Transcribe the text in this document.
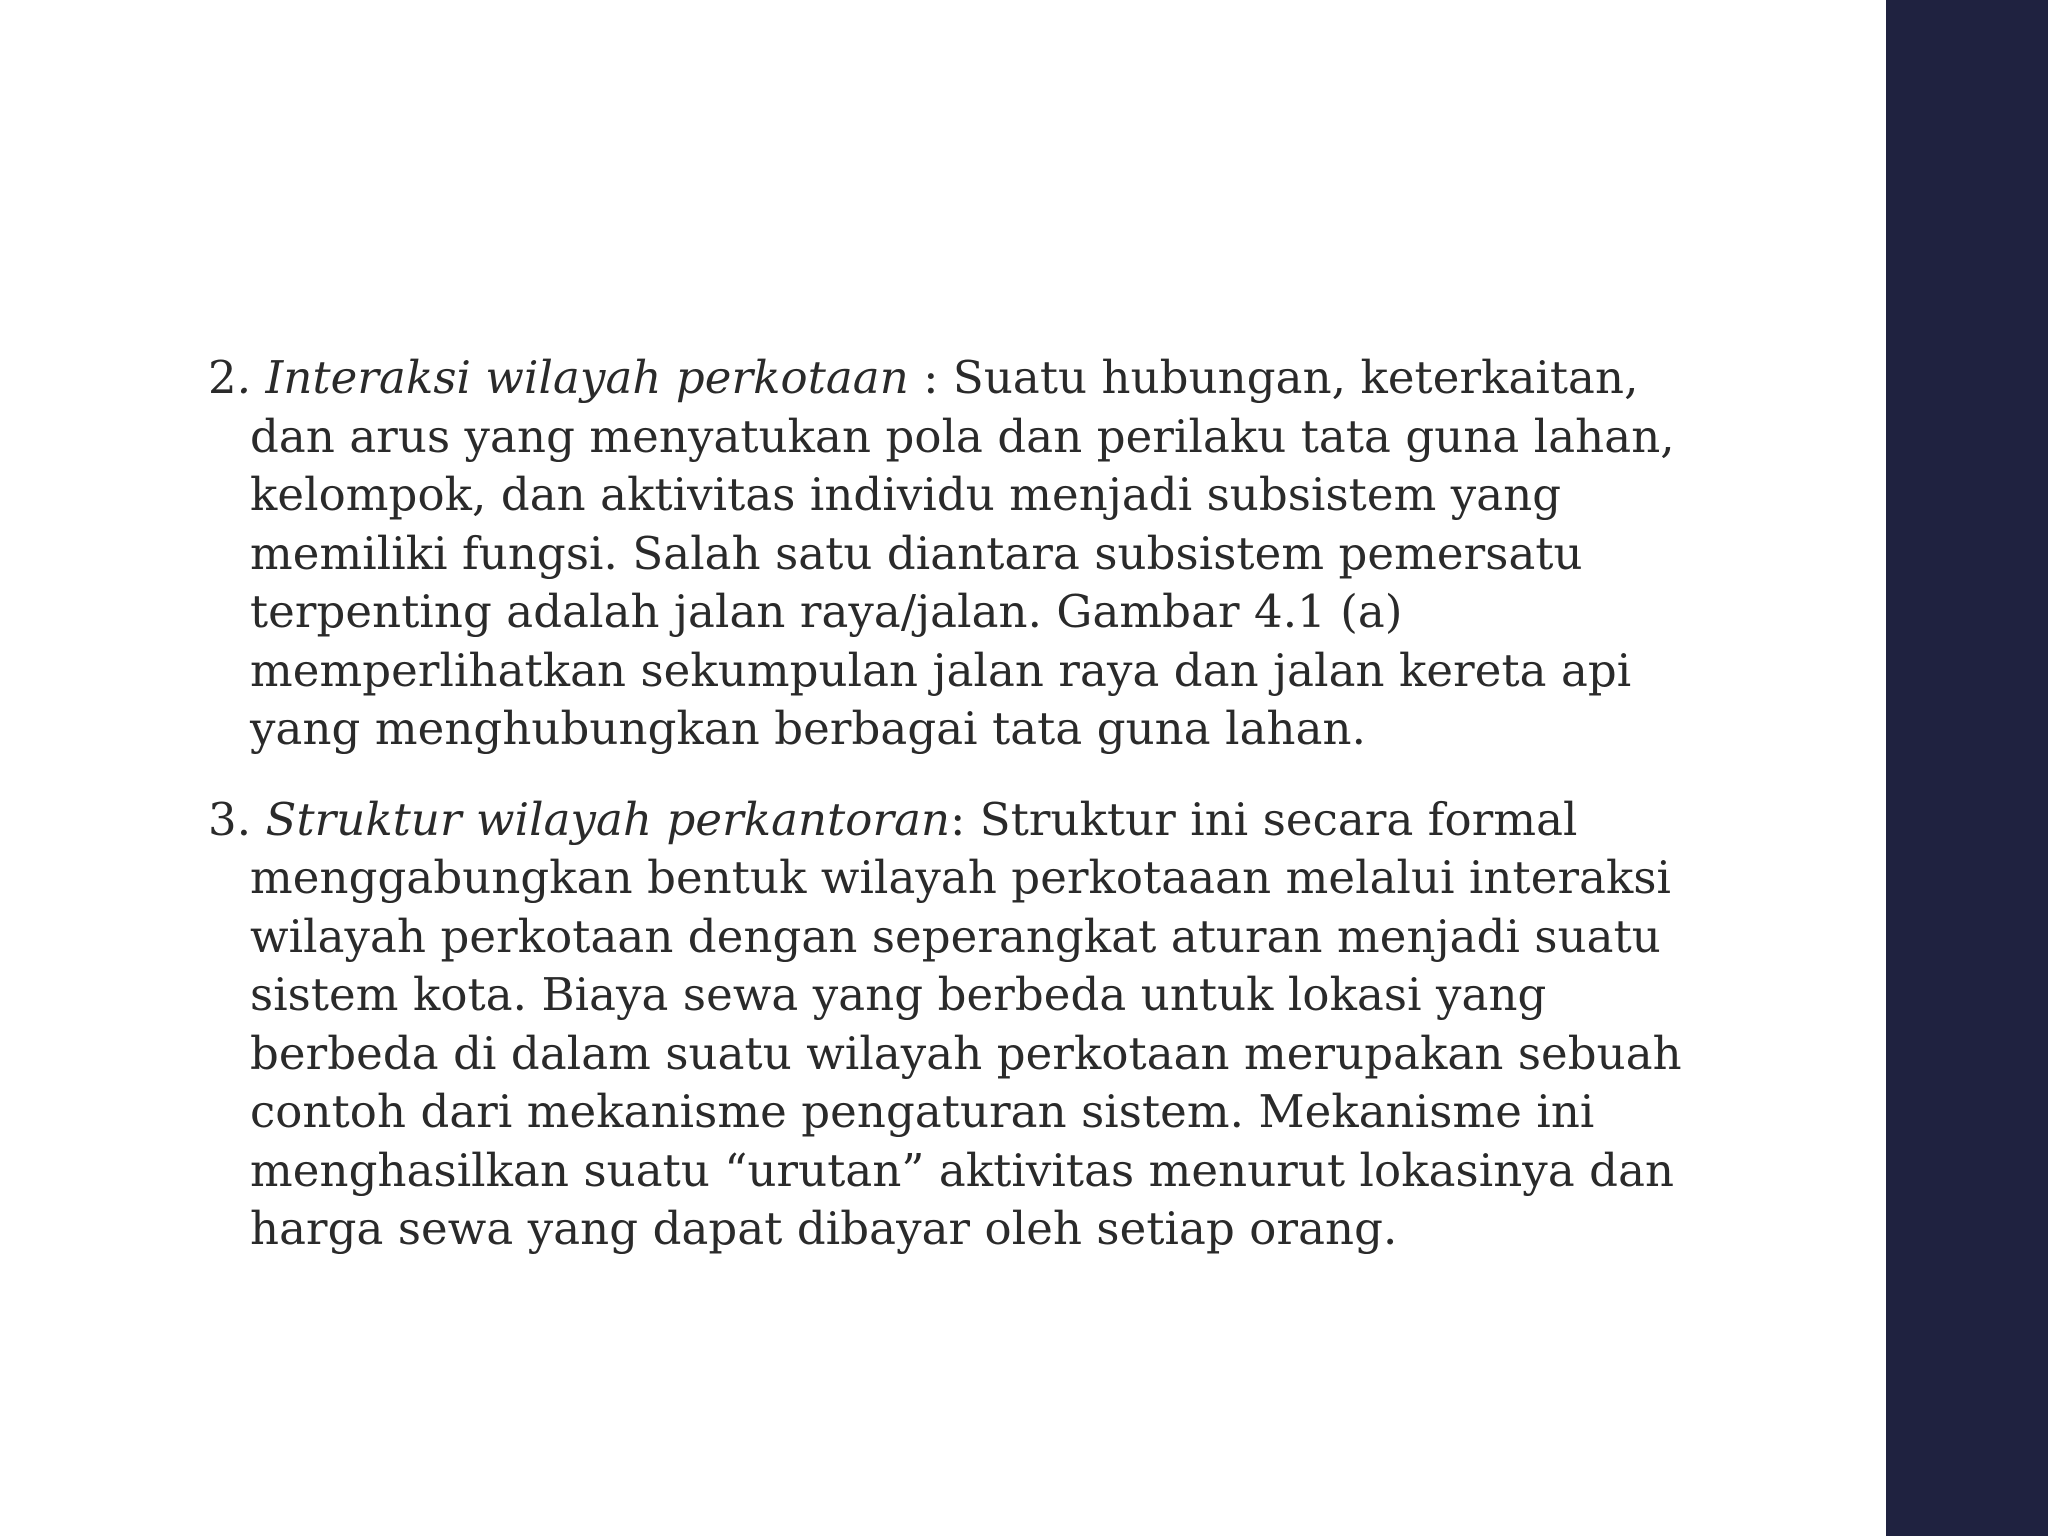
2. Interaksi wilayah perkotaan : Suatu hubungan, keterkaitan,
dan arus yang menyatukan pola dan perilaku tata guna lahan,
kelompok, dan aktivitas individu menjadi subsistem yang
memiliki fungsi. Salah satu diantara subsistem pemersatu
terpenting adalah jalan raya/jalan. Gambar 4.1 (a)
memperlihatkan sekumpulan jalan raya dan jalan kereta api
yang menghubungkan berbagai tata guna lahan.
3. Struktur wilayah perkantoran: Struktur ini secara formal
menggabungkan bentuk wilayah perkotaaan melalui interaksi
wilayah perkotaan dengan seperangkat aturan menjadi suatu
sistem kota. Biaya sewa yang berbeda untuk lokasi yang
berbeda di dalam suatu wilayah perkotaan merupakan sebuah
contoh dari mekanisme pengaturan sistem. Mekanisme ini
menghasilkan suatu “urutan” aktivitas menurut lokasinya dan
harga sewa yang dapat dibayar oleh setiap orang.
